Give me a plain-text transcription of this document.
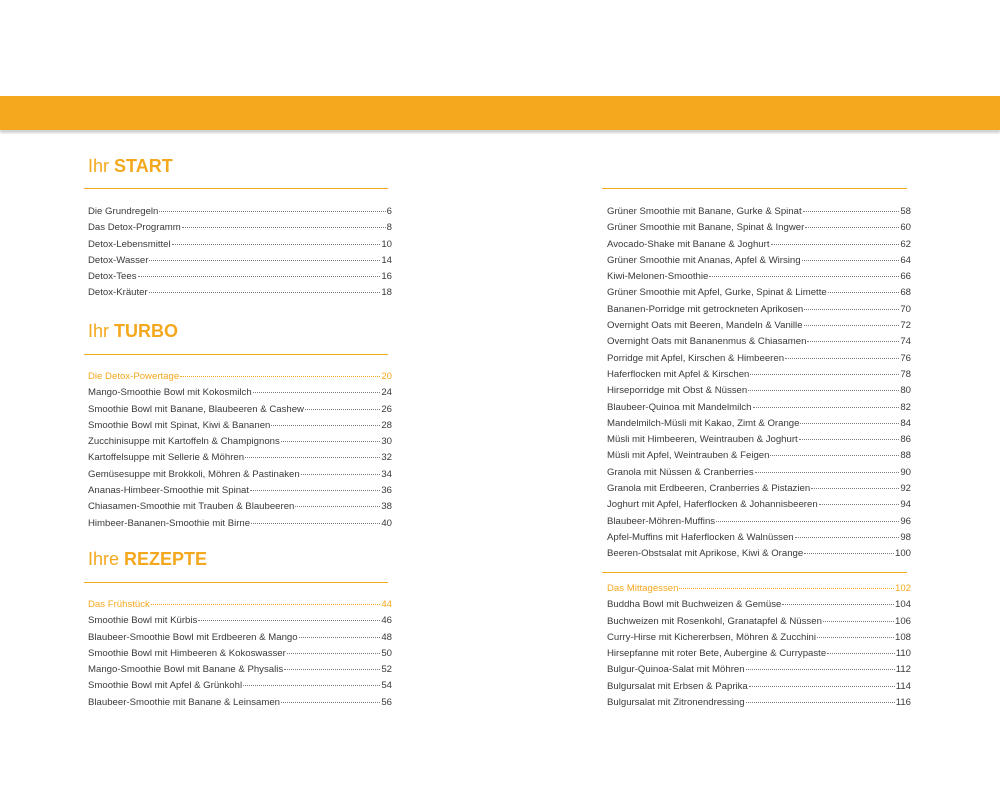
Ihr START
Die Grundregeln	6
Das Detox-Programm	8
Detox-Lebensmittel	10
Detox-Wasser	14
Detox-Tees	16
Detox-Kräuter	18
Ihr TURBO
Die Detox-Powertage	20
Mango-Smoothie Bowl mit Kokosmilch	24
Smoothie Bowl mit Banane, Blaubeeren & Cashew	26
Smoothie Bowl mit Spinat, Kiwi & Bananen	28
Zucchinisuppe mit Kartoffeln & Champignons	30
Kartoffelsuppe mit Sellerie & Möhren	32
Gemüsesuppe mit Brokkoli, Möhren & Pastinaken	34
Ananas-Himbeer-Smoothie mit Spinat	36
Chiasamen-Smoothie mit Trauben & Blaubeeren	38
Himbeer-Bananen-Smoothie mit Birne	40
Ihre REZEPTE
Das Frühstück	44
Smoothie Bowl mit Kürbis	46
Blaubeer-Smoothie Bowl mit Erdbeeren & Mango	48
Smoothie Bowl mit Himbeeren & Kokoswasser	50
Mango-Smoothie Bowl mit Banane & Physalis	52
Smoothie Bowl mit Apfel & Grünkohl	54
Blaubeer-Smoothie mit Banane & Leinsamen	56
Grüner Smoothie mit Banane, Gurke & Spinat	58
Grüner Smoothie mit Banane, Spinat & Ingwer	60
Avocado-Shake mit Banane & Joghurt	62
Grüner Smoothie mit Ananas, Apfel & Wirsing	64
Kiwi-Melonen-Smoothie	66
Grüner Smoothie mit Apfel, Gurke, Spinat & Limette	68
Bananen-Porridge mit getrockneten Aprikosen	70
Overnight Oats mit Beeren, Mandeln & Vanille	72
Overnight Oats mit Bananenmus & Chiasamen	74
Porridge mit Apfel, Kirschen & Himbeeren	76
Haferflocken mit Apfel & Kirschen	78
Hirseporridge mit Obst & Nüssen	80
Blaubeer-Quinoa mit Mandelmilch	82
Mandelmilch-Müsli mit Kakao, Zimt & Orange	84
Müsli mit Himbeeren, Weintrauben & Joghurt	86
Müsli mit Apfel, Weintrauben & Feigen	88
Granola mit Nüssen & Cranberries	90
Granola mit Erdbeeren, Cranberries & Pistazien	92
Joghurt mit Apfel, Haferflocken & Johannisbeeren	94
Blaubeer-Möhren-Muffins	96
Apfel-Muffins mit Haferflocken & Walnüssen	98
Beeren-Obstsalat mit Aprikose, Kiwi & Orange	100
Das Mittagessen	102
Buddha Bowl mit Buchweizen & Gemüse	104
Buchweizen mit Rosenkohl, Granatapfel & Nüssen	106
Curry-Hirse mit Kichererbsen, Möhren & Zucchini	108
Hirsepfanne mit roter Bete, Aubergine & Currypaste	110
Bulgur-Quinoa-Salat mit Möhren	112
Bulgursalat mit Erbsen & Paprika	114
Bulgursalat mit Zitronendressing	116
